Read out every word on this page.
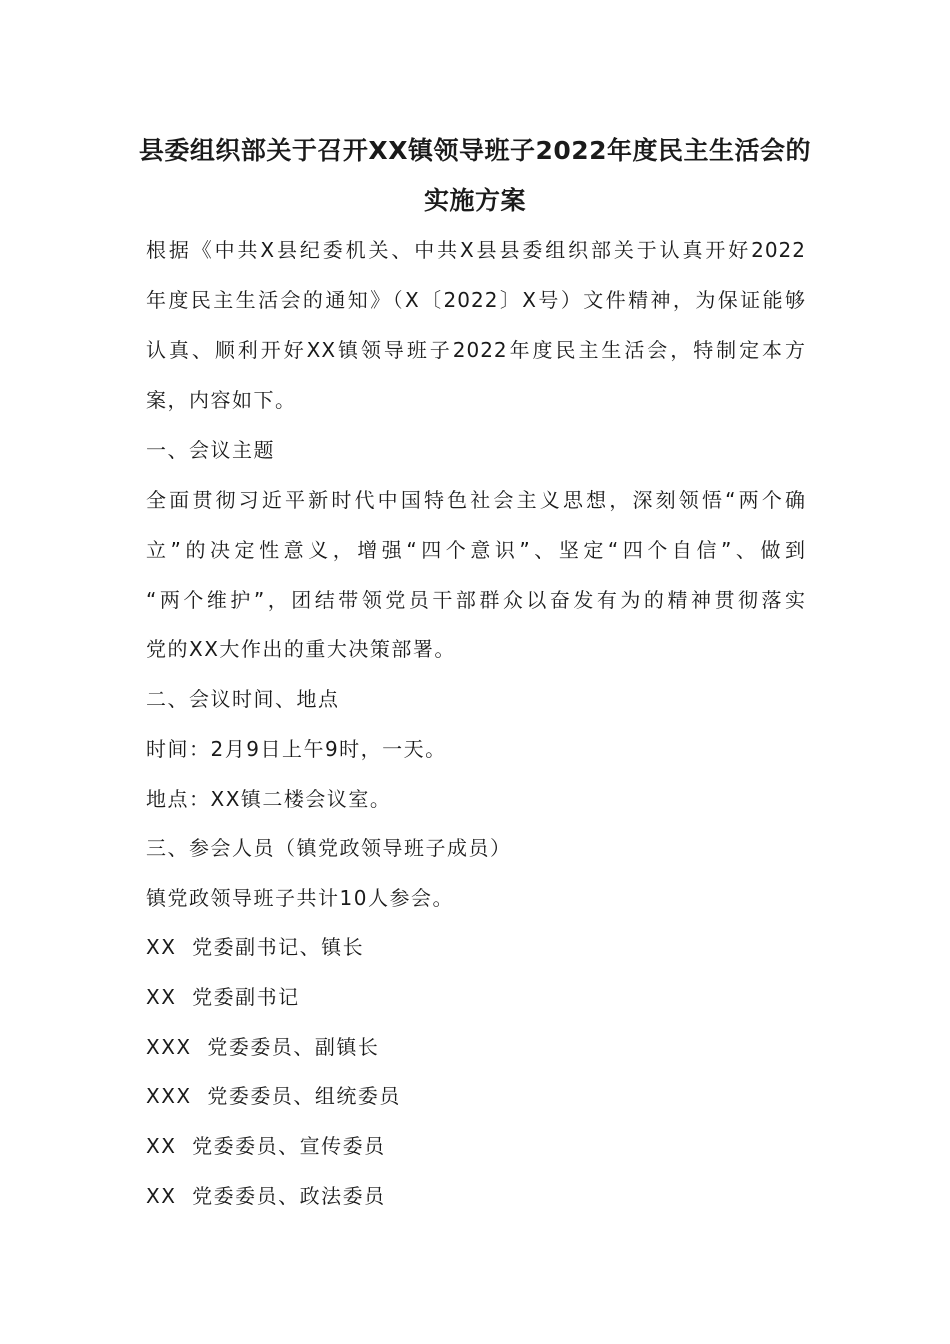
县委组织部关于召开XX镇领导班子2022年度民主生活会的
实施方案
根据《中共X县纪委机关、中共X县县委组织部关于认真开好2022
年度民主生活会的通知》（X〔2022〕X号）文件精神，为保证能够
认真、顺利开好XX镇领导班子2022年度民主生活会，特制定本方
案，内容如下。
一、会议主题
全面贯彻习近平新时代中国特色社会主义思想，深刻领悟“两个确
立”的决定性意义，增强“四个意识”、坚定“四个自信”、做到
“两个维护”，团结带领党员干部群众以奋发有为的精神贯彻落实
党的XX大作出的重大决策部署。
二、会议时间、地点
时间：2月9日上午9时，一天。
地点：XX镇二楼会议室。
三、参会人员（镇党政领导班子成员）
镇党政领导班子共计10人参会。
XX  党委副书记、镇长
XX  党委副书记
XXX  党委委员、副镇长
XXX  党委委员、组统委员
XX  党委委员、宣传委员
XX  党委委员、政法委员
